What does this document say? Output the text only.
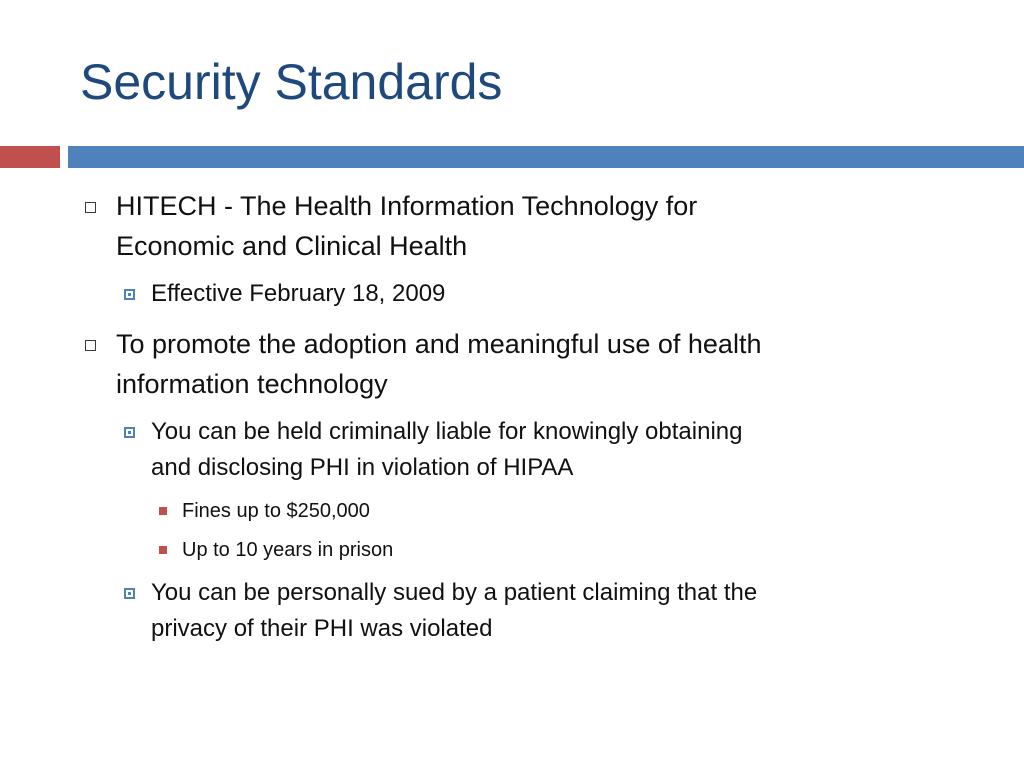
Security Standards
HITECH - The Health Information Technology for
Economic and Clinical Health
Effective February 18, 2009
To promote the adoption and meaningful use of health
information technology
You can be held criminally liable for knowingly obtaining
and disclosing PHI in violation of HIPAA
Fines up to $250,000
Up to 10 years in prison
You can be personally sued by a patient claiming that the
privacy of their PHI was violated
